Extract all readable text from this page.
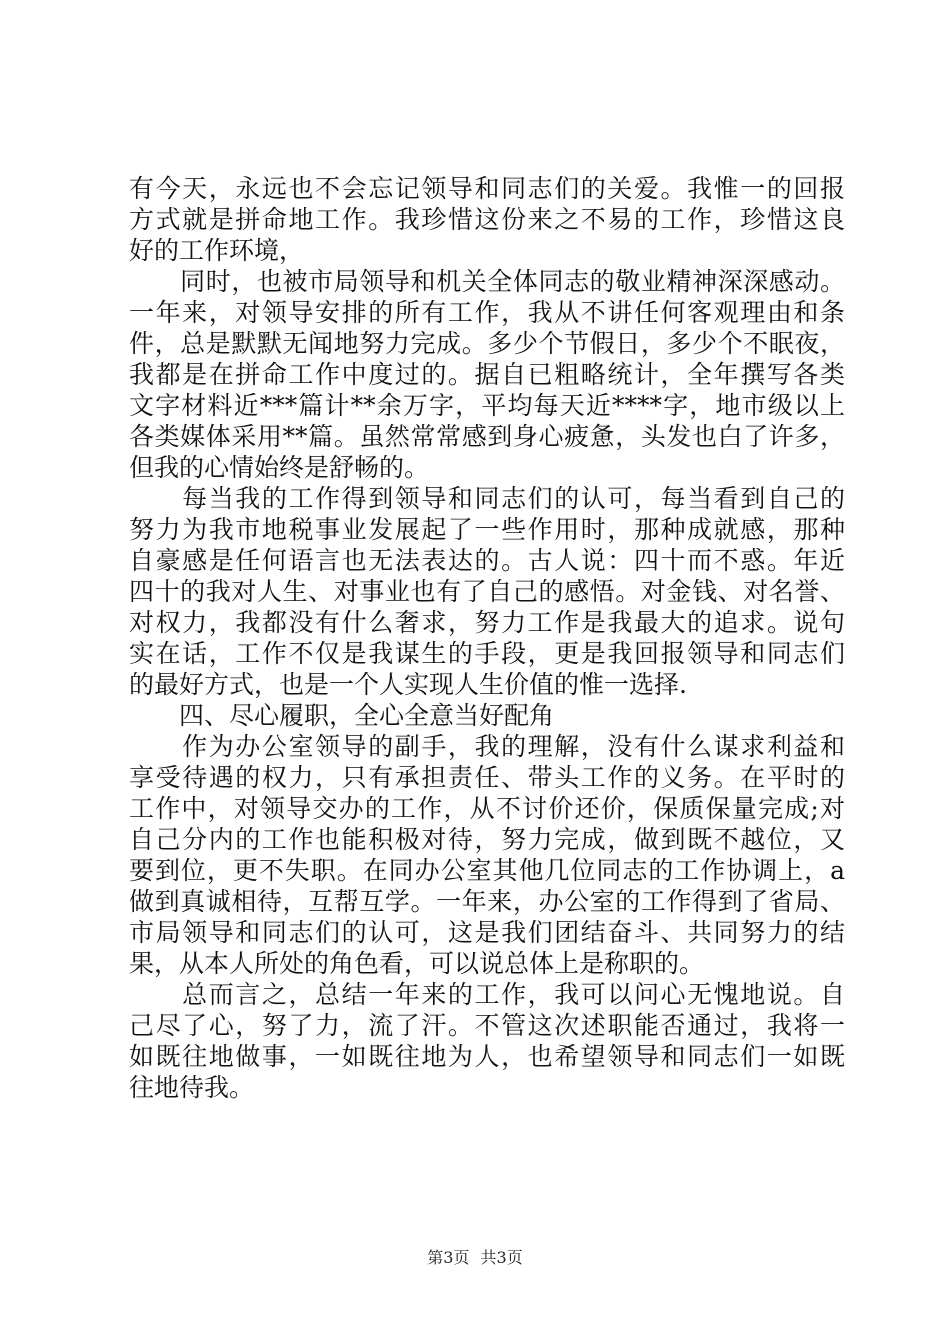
有今天，永远也不会忘记领导和同志们的关爱。我惟一的回报
方式就是拼命地工作。我珍惜这份来之不易的工作，珍惜这良
好的工作环境，
　　同时，也被市局领导和机关全体同志的敬业精神深深感动。
一年来，对领导安排的所有工作，我从不讲任何客观理由和条
件，总是默默无闻地努力完成。多少个节假日，多少个不眠夜，
我都是在拼命工作中度过的。据自已粗略统计，全年撰写各类
文字材料近***篇计**余万字，平均每天近****字，地市级以上
各类媒体采用**篇。虽然常常感到身心疲惫，头发也白了许多，
但我的心情始终是舒畅的。
　　每当我的工作得到领导和同志们的认可，每当看到自己的
努力为我市地税事业发展起了一些作用时，那种成就感，那种
自豪感是任何语言也无法表达的。古人说：四十而不惑。年近
四十的我对人生、对事业也有了自己的感悟。对金钱、对名誉、
对权力，我都没有什么奢求，努力工作是我最大的追求。说句
实在话，工作不仅是我谋生的手段，更是我回报领导和同志们
的最好方式，也是一个人实现人生价值的惟一选择.
　　四、尽心履职，全心全意当好配角
　　作为办公室领导的副手，我的理解，没有什么谋求利益和
享受待遇的权力，只有承担责任、带头工作的义务。在平时的
工作中，对领导交办的工作，从不讨价还价，保质保量完成;对
自己分内的工作也能积极对待，努力完成，做到既不越位，又
要到位，更不失职。在同办公室其他几位同志的工作协调上，a
做到真诚相待，互帮互学。一年来，办公室的工作得到了省局、
市局领导和同志们的认可，这是我们团结奋斗、共同努力的结
果，从本人所处的角色看，可以说总体上是称职的。
　　总而言之，总结一年来的工作，我可以问心无愧地说。自
己尽了心，努了力，流了汗。不管这次述职能否通过，我将一
如既往地做事，一如既往地为人，也希望领导和同志们一如既
往地待我。
第3页 共3页
